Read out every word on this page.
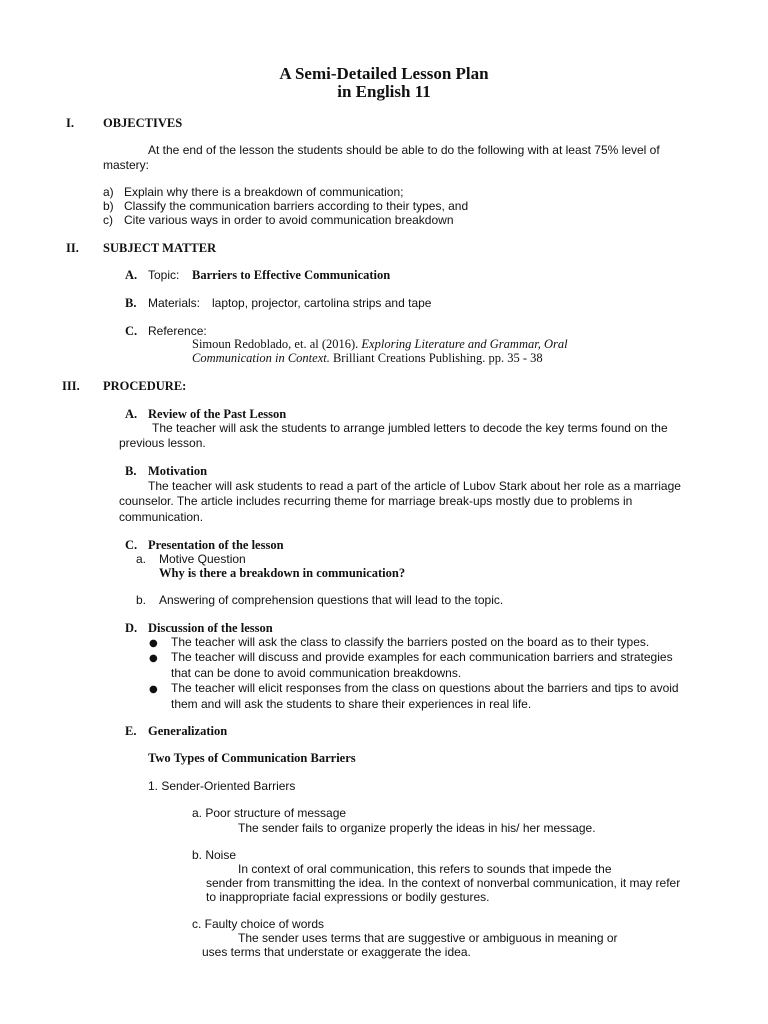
A Semi-Detailed Lesson Plan
in English 11
I. OBJECTIVES
At the end of the lesson the students should be able to do the following with at least 75% level of
mastery:
a) Explain why there is a breakdown of communication;
b) Classify the communication barriers according to their types, and
c) Cite various ways in order to avoid communication breakdown
II. SUBJECT MATTER
A. Topic: Barriers to Effective Communication
B. Materials: laptop, projector, cartolina strips and tape
C. Reference:
Simoun Redoblado, et. al (2016). Exploring Literature and Grammar, Oral
Communication in Context. Brilliant Creations Publishing. pp. 35 - 38
III. PROCEDURE:
A. Review of the Past Lesson
The teacher will ask the students to arrange jumbled letters to decode the key terms found on the
previous lesson.
B. Motivation
The teacher will ask students to read a part of the article of Lubov Stark about her role as a marriage
counselor. The article includes recurring theme for marriage break-ups mostly due to problems in
communication.
C. Presentation of the lesson
a. Motive Question
Why is there a breakdown in communication?
b. Answering of comprehension questions that will lead to the topic.
D. Discussion of the lesson
● The teacher will ask the class to classify the barriers posted on the board as to their types.
● The teacher will discuss and provide examples for each communication barriers and strategies
that can be done to avoid communication breakdowns.
● The teacher will elicit responses from the class on questions about the barriers and tips to avoid
them and will ask the students to share their experiences in real life.
E. Generalization
Two Types of Communication Barriers
1. Sender-Oriented Barriers
a. Poor structure of message
The sender fails to organize properly the ideas in his/ her message.
b. Noise
In context of oral communication, this refers to sounds that impede the
sender from transmitting the idea. In the context of nonverbal communication, it may refer
to inappropriate facial expressions or bodily gestures.
c. Faulty choice of words
The sender uses terms that are suggestive or ambiguous in meaning or
uses terms that understate or exaggerate the idea.
